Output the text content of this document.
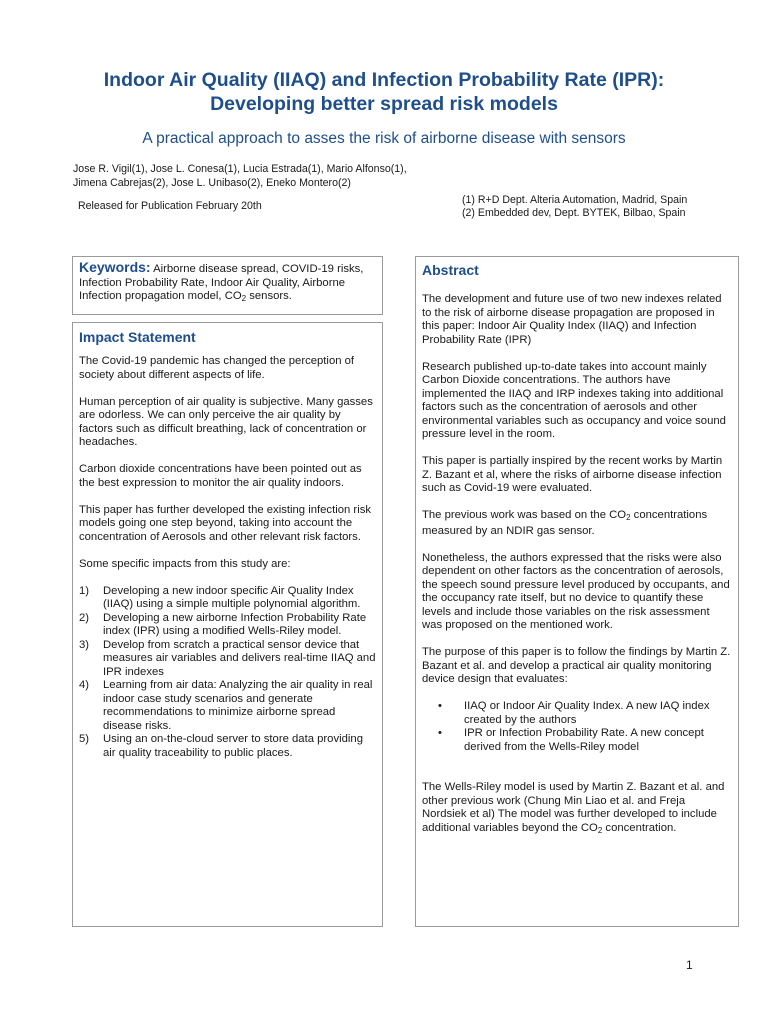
Indoor Air Quality (IIAQ) and Infection Probability Rate (IPR):
Developing better spread risk models
A practical approach to asses the risk of airborne disease with sensors
Jose R. Vigil(1), Jose L. Conesa(1), Lucia Estrada(1), Mario Alfonso(1),
Jimena Cabrejas(2), Jose L. Unibaso(2), Eneko Montero(2)
Released for Publication February 20th	(1) R+D Dept. Alteria Automation, Madrid, Spain
(2) Embedded dev, Dept. BYTEK, Bilbao, Spain
Keywords: Airborne disease spread, COVID-19 risks, Infection Probability Rate, Indoor Air Quality, Airborne Infection propagation model, $CO_2$ sensors.
Impact Statement

The Covid-19 pandemic has changed the perception of society about different aspects of life.

Human perception of air quality is subjective. Many gasses are odorless. We can only perceive the air quality by factors such as difficult breathing, lack of concentration or headaches.

Carbon dioxide concentrations have been pointed out as the best expression to monitor the air quality indoors.

This paper has further developed the existing infection risk models going one step beyond, taking into account the concentration of Aerosols and other relevant risk factors.

Some specific impacts from this study are:

1)	Developing a new indoor specific Air Quality Index (IIAQ) using a simple multiple polynomial algorithm.
2)	Developing a new airborne Infection Probability Rate index (IPR) using a modified Wells-Riley model.
3)	Develop from scratch a practical sensor device that measures air variables and delivers real-time IIAQ and IPR indexes
4)	Learning from air data: Analyzing the air quality in real indoor case study scenarios and generate recommendations to minimize airborne spread disease risks.
5)	Using an on-the-cloud server to store data providing air quality traceability to public places.
Abstract

The development and future use of two new indexes related to the risk of airborne disease propagation are proposed in this paper: Indoor Air Quality Index (IIAQ) and Infection Probability Rate (IPR)

Research published up-to-date takes into account mainly Carbon Dioxide concentrations. The authors have implemented the IIAQ and IRP indexes taking into additional factors such as the concentration of aerosols and other environmental variables such as occupancy and voice sound pressure level in the room.

This paper is partially inspired by the recent works by Martin Z. Bazant et al, where the risks of airborne disease infection such as Covid-19 were evaluated.

The previous work was based on the $CO_2$ concentrations measured by an NDIR gas sensor.

Nonetheless, the authors expressed that the risks were also dependent on other factors as the concentration of aerosols, the speech sound pressure level produced by occupants, and the occupancy rate itself, but no device to quantify these levels and include those variables on the risk assessment was proposed on the mentioned work.

The purpose of this paper is to follow the findings by Martin Z. Bazant et al. and develop a practical air quality monitoring device design that evaluates:

•	IIAQ or Indoor Air Quality Index. A new IAQ index created by the authors
•	IPR or Infection Probability Rate. A new concept derived from the Wells-Riley model

The Wells-Riley model is used by Martin Z. Bazant et al. and other previous work (Chung Min Liao et al. and Freja Nordsiek et al) The model was further developed to include additional variables beyond the $CO_2$ concentration.

1
